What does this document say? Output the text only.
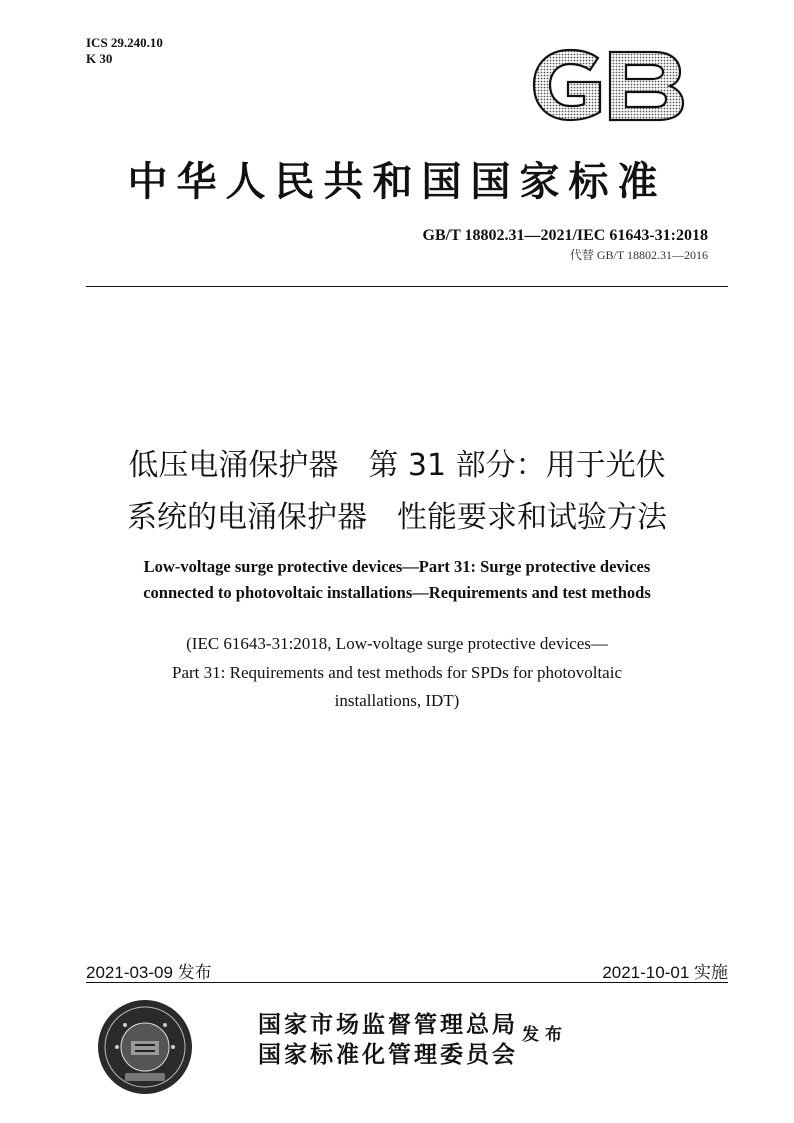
ICS 29.240.10
K 30
中华人民共和国国家标准
GB/T 18802.31—2021/IEC 61643-31:2018
代替 GB/T 18802.31—2016
低压电涌保护器　第 31 部分：用于光伏
系统的电涌保护器　性能要求和试验方法
Low-voltage surge protective devices—Part 31: Surge protective devices
connected to photovoltaic installations—Requirements and test methods
(IEC 61643-31:2018, Low-voltage surge protective devices—
Part 31: Requirements and test methods for SPDs for photovoltaic
installations, IDT)
2021-03-09 发布	2021-10-01 实施
国家市场监督管理总局
国家标准化管理委员会
发布
